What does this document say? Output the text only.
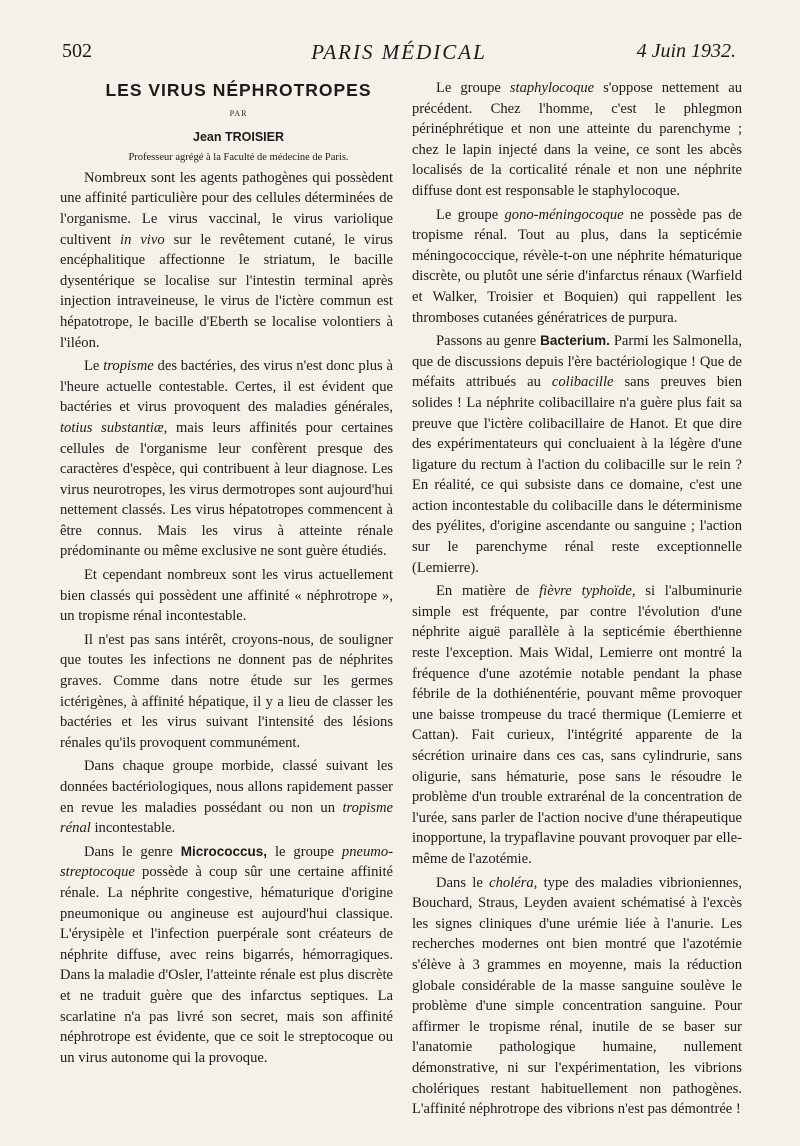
502	PARIS MÉDICAL	4 Juin 1932.

LES VIRUS NÉPHROTROPES

PAR

Jean TROISIER

Professeur agrégé à la Faculté de médecine de Paris.

Nombreux sont les agents pathogènes qui possèdent une affinité particulière pour des cellules déterminées de l'organisme. Le virus vaccinal, le virus variolique cultivent in vivo sur le revêtement cutané, le virus encéphalitique affectionne le striatum, le bacille dysentérique se localise sur l'intestin terminal après injection intraveineuse, le virus de l'ictère commun est hépatotrope, le bacille d'Eberth se localise volontiers à l'iléon.

Le tropisme des bactéries, des virus n'est donc plus à l'heure actuelle contestable. Certes, il est évident que bactéries et virus provoquent des maladies générales, totius substantiæ, mais leurs affinités pour certaines cellules de l'organisme leur confèrent presque des caractères d'espèce, qui contribuent à leur diagnose. Les virus neurotropes, les virus dermotropes sont aujourd'hui nettement classés. Les virus hépatotropes commencent à être connus. Mais les virus à atteinte rénale prédominante ou même exclusive ne sont guère étudiés.

Et cependant nombreux sont les virus actuellement bien classés qui possèdent une affinité « néphrotrope », un tropisme rénal incontestable.

Il n'est pas sans intérêt, croyons-nous, de souligner que toutes les infections ne donnent pas de néphrites graves. Comme dans notre étude sur les germes ictérigènes, à affinité hépatique, il y a lieu de classer les bactéries et les virus suivant l'intensité des lésions rénales qu'ils provoquent communément.

Dans chaque groupe morbide, classé suivant les données bactériologiques, nous allons rapidement passer en revue les maladies possédant ou non un tropisme rénal incontestable.

Dans le genre Micrococcus, le groupe pneumo-streptocoque possède à coup sûr une certaine affinité rénale. La néphrite congestive, hématurique d'origine pneumonique ou angineuse est aujourd'hui classique. L'érysipèle et l'infection puerpérale sont créateurs de néphrite diffuse, avec reins bigarrés, hémorragiques. Dans la maladie d'Osler, l'atteinte rénale est plus discrète et ne traduit guère que des infarctus septiques. La scarlatine n'a pas livré son secret, mais son affinité néphrotrope est évidente, que ce soit le streptocoque ou un virus autonome qui la provoque.

Le groupe staphylocoque s'oppose nettement au précédent. Chez l'homme, c'est le phlegmon périnéphrétique et non une atteinte du parenchyme ; chez le lapin injecté dans la veine, ce sont les abcès localisés de la corticalité rénale et non une néphrite diffuse dont est responsable le staphylocoque.

Le groupe gono-méningocoque ne possède pas de tropisme rénal. Tout au plus, dans la septicémie méningococcique, révèle-t-on une néphrite hématurique discrète, ou plutôt une série d'infarctus rénaux (Warfield et Walker, Troisier et Boquien) qui rappellent les thromboses cutanées génératrices de purpura.

Passons au genre Bacterium. Parmi les Salmonella, que de discussions depuis l'ère bactériologique ! Que de méfaits attribués au colibacille sans preuves bien solides ! La néphrite colibacillaire n'a guère plus fait sa preuve que l'ictère colibacillaire de Hanot. Et que dire des expérimentateurs qui concluaient à la légère d'une ligature du rectum à l'action du colibacille sur le rein ? En réalité, ce qui subsiste dans ce domaine, c'est une action incontestable du colibacille dans le déterminisme des pyélites, d'origine ascendante ou sanguine ; l'action sur le parenchyme rénal reste exceptionnelle (Lemierre).

En matière de fièvre typhoïde, si l'albuminurie simple est fréquente, par contre l'évolution d'une néphrite aiguë parallèle à la septicémie éberthienne reste l'exception. Mais Widal, Lemierre ont montré la fréquence d'une azotémie notable pendant la phase fébrile de la dothiénentérie, pouvant même provoquer une baisse trompeuse du tracé thermique (Lemierre et Cattan). Fait curieux, l'intégrité apparente de la sécrétion urinaire dans ces cas, sans cylindrurie, sans oligurie, sans hématurie, pose sans le résoudre le problème d'un trouble extrarénal de la concentration de l'urée, sans parler de l'action nocive d'une thérapeutique inopportune, la trypaflavine pouvant provoquer par elle-même de l'azotémie.

Dans le choléra, type des maladies vibrioniennes, Bouchard, Straus, Leyden avaient schématisé à l'excès les signes cliniques d'une urémie liée à l'anurie. Les recherches modernes ont bien montré que l'azotémie s'élève à 3 grammes en moyenne, mais la réduction globale considérable de la masse sanguine soulève le problème d'une simple concentration sanguine. Pour affirmer le tropisme rénal, inutile de se baser sur l'anatomie pathologique humaine, nullement démonstrative, ni sur l'expérimentation, les vibrions cholériques restant habituellement non pathogènes. L'affinité néphrotrope des vibrions n'est pas démontrée !
